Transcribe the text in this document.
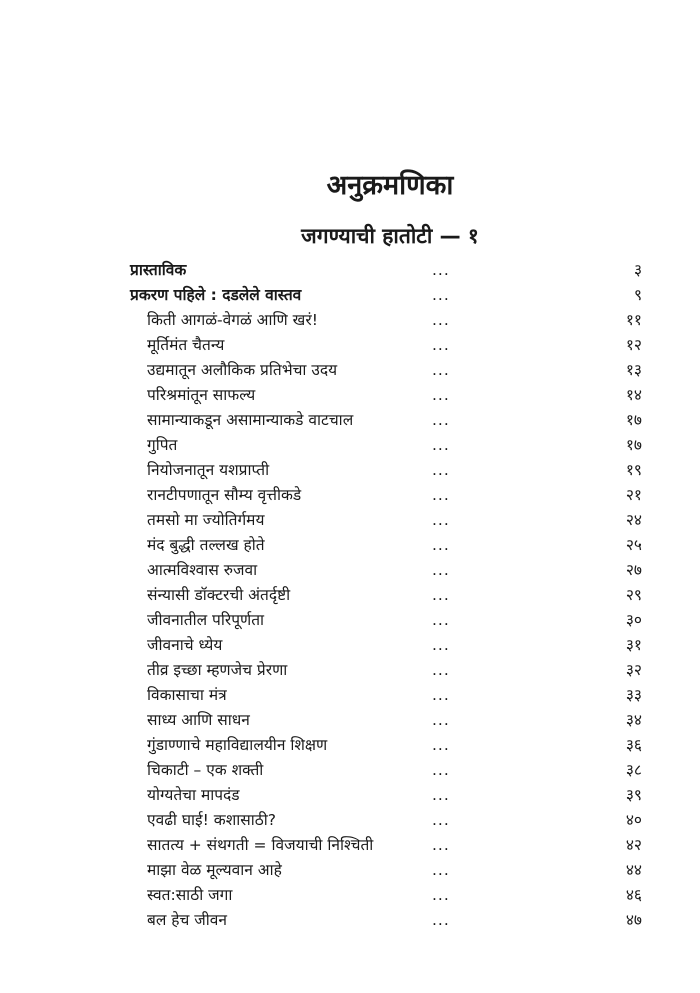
अनुक्रमणिका
जगण्याची हातोटी — १
प्रास्ताविक	...	३
प्रकरण पहिले : दडलेले वास्तव	...	९
किती आगळं-वेगळं आणि खरं!	...	११
मूर्तिमंत चैतन्य	...	१२
उद्यमातून अलौकिक प्रतिभेचा उदय	...	१३
परिश्रमांतून साफल्य	...	१४
सामान्याकडून असामान्याकडे वाटचाल	...	१७
गुपित	...	१७
नियोजनातून यशप्राप्ती	...	१९
रानटीपणातून सौम्य वृत्तीकडे	...	२१
तमसो मा ज्योतिर्गमय	...	२४
मंद बुद्धी तल्लख होते	...	२५
आत्मविश्वास रुजवा	...	२७
संन्यासी डॉक्टरची अंतर्दृष्टी	...	२९
जीवनातील परिपूर्णता	...	३०
जीवनाचे ध्येय	...	३१
तीव्र इच्छा म्हणजेच प्रेरणा	...	३२
विकासाचा मंत्र	...	३३
साध्य आणि साधन	...	३४
गुंडाण्णाचे महाविद्यालयीन शिक्षण	...	३६
चिकाटी – एक शक्ती	...	३८
योग्यतेचा मापदंड	...	३९
एवढी घाई! कशासाठी?	...	४०
सातत्य + संथगती = विजयाची निश्चिती	...	४२
माझा वेळ मूल्यवान आहे	...	४४
स्वत:साठी जगा	...	४६
बल हेच जीवन	...	४७
